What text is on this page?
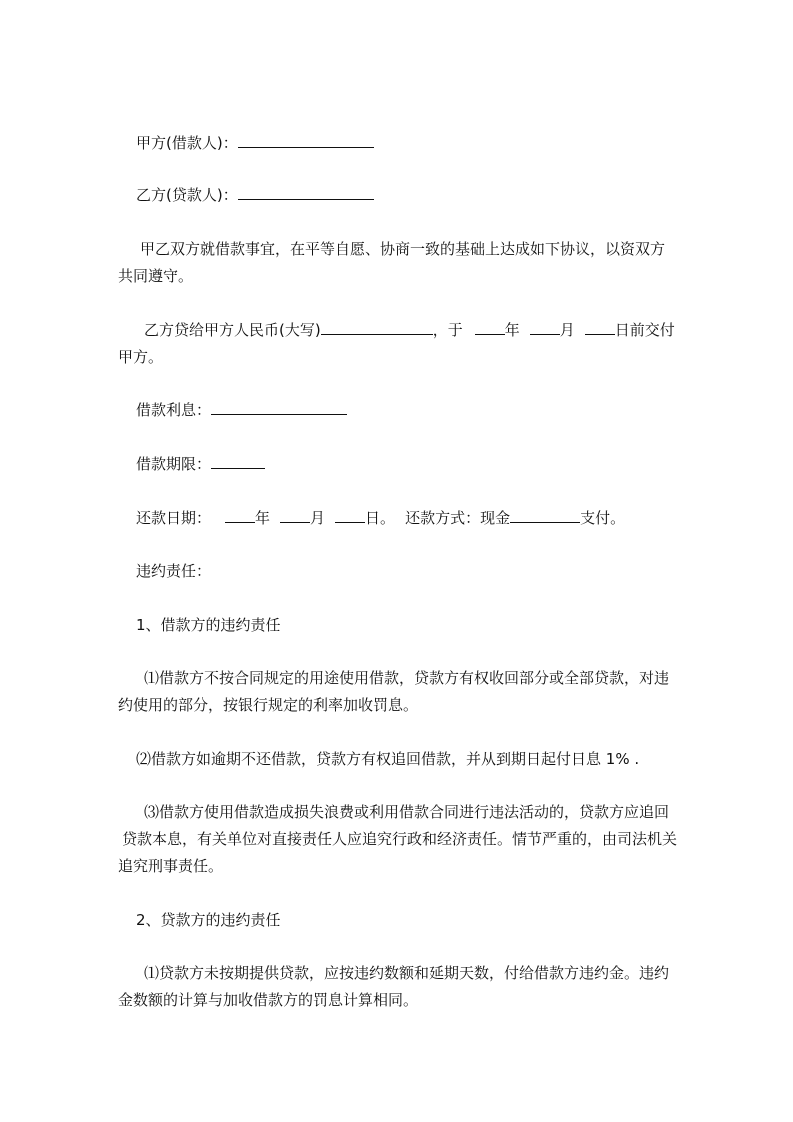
甲方(借款人)：
乙方(贷款人)：
甲乙双方就借款事宜，在平等自愿、协商一致的基础上达成如下协议，以资双方
共同遵守。
乙方贷给甲方人民币(大写)	，于	年	月	日前交付
甲方。
借款利息：
借款期限：
还款日期：	年	月	日。 还款方式：现金	支付。
违约责任：
1、借款方的违约责任
⑴借款方不按合同规定的用途使用借款，贷款方有权收回部分或全部贷款，对违
约使用的部分，按银行规定的利率加收罚息。
⑵借款方如逾期不还借款，贷款方有权追回借款，并从到期日起付日息 1% .
⑶借款方使用借款造成损失浪费或利用借款合同进行违法活动的，贷款方应追回
贷款本息，有关单位对直接责任人应追究行政和经济责任。情节严重的，由司法机关
追究刑事责任。
2、贷款方的违约责任
⑴贷款方未按期提供贷款，应按违约数额和延期天数，付给借款方违约金。违约
金数额的计算与加收借款方的罚息计算相同。
